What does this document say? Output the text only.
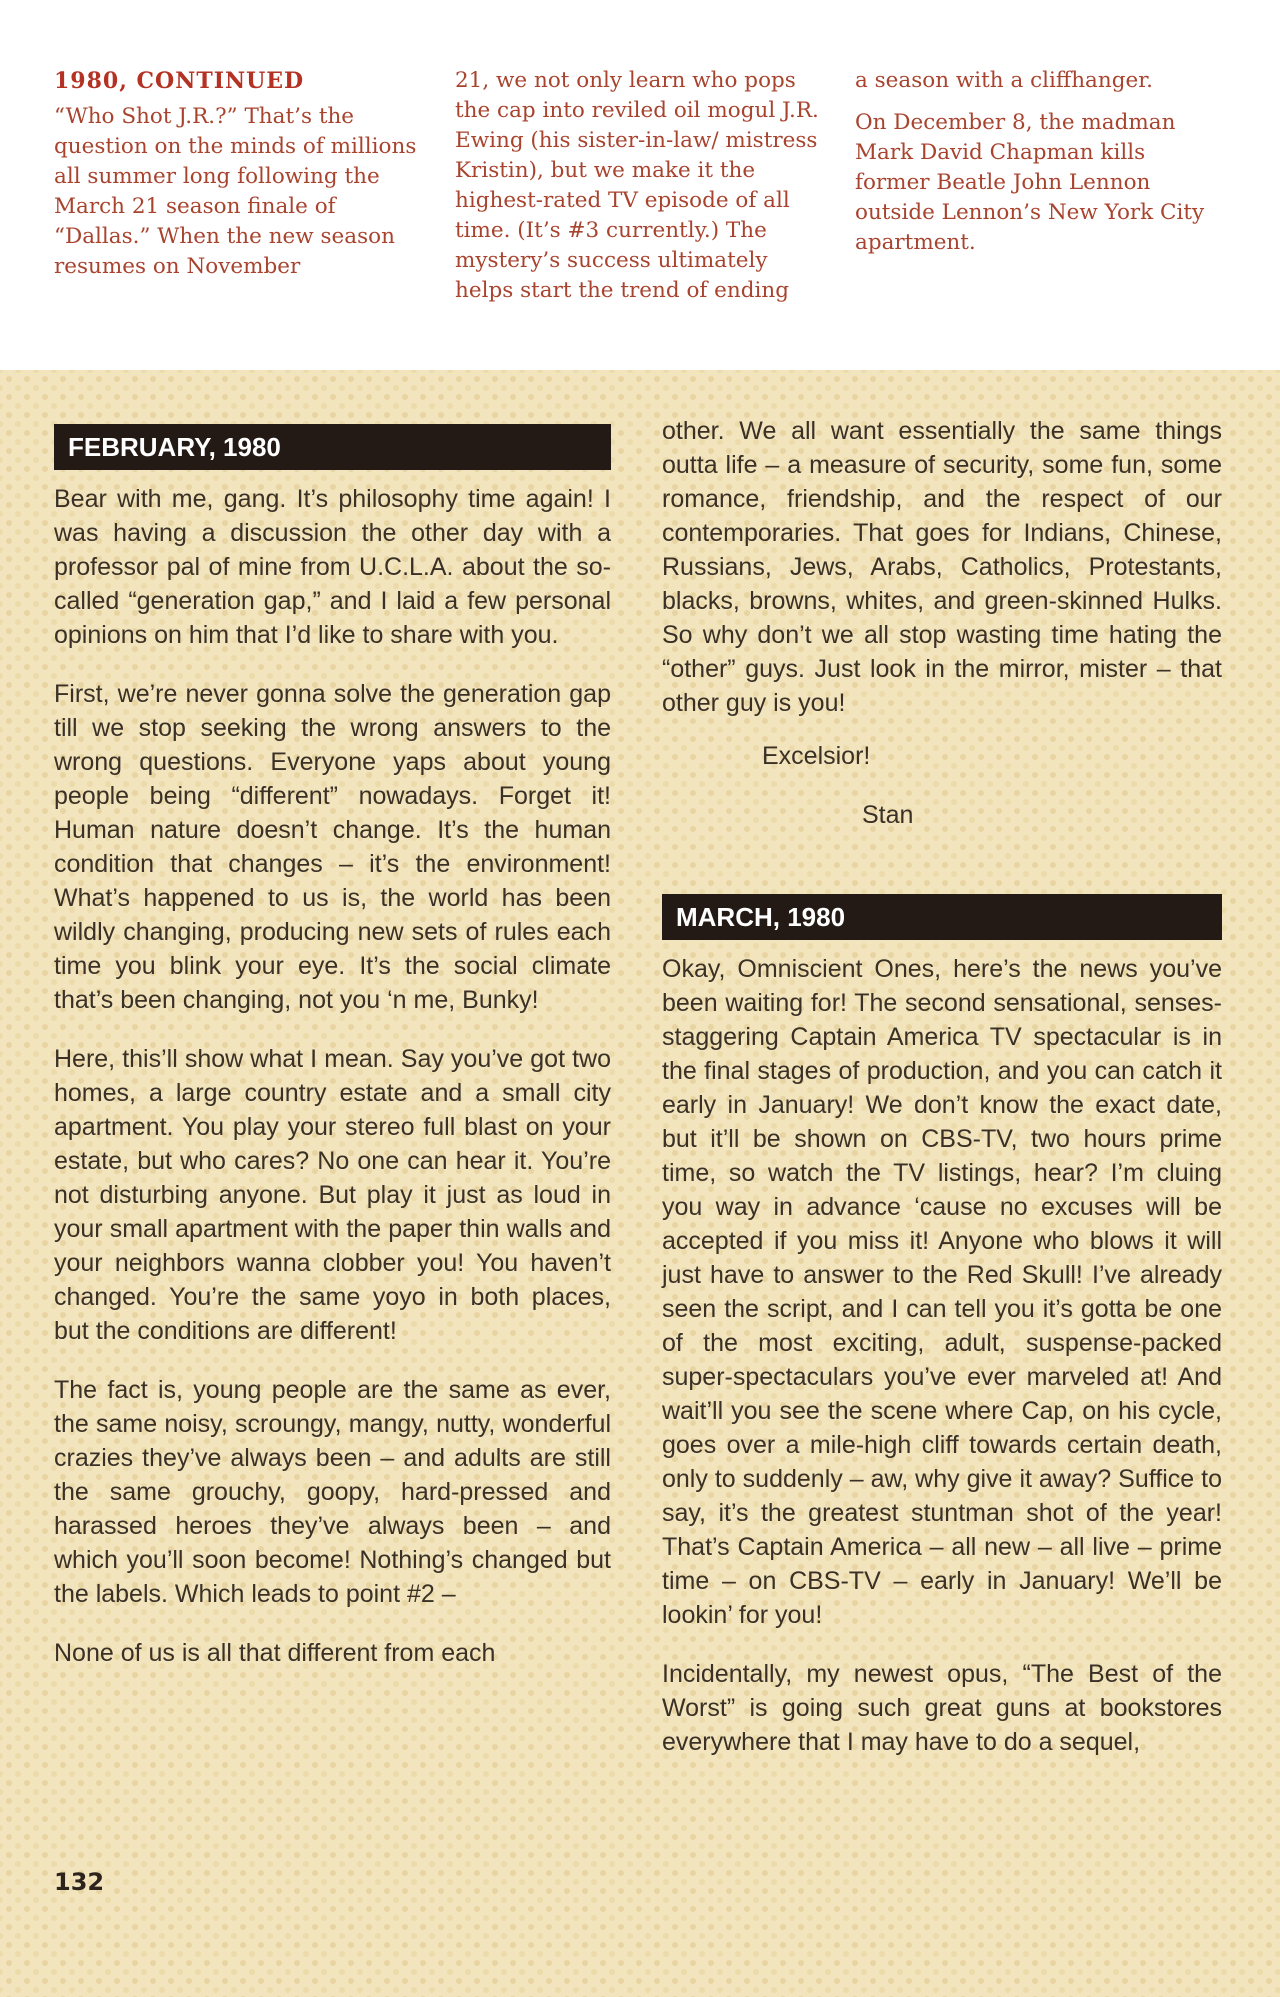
1980, CONTINUED

“Who Shot J.R.?” That’s the question on the minds of millions all summer long following the March 21 season finale of “Dallas.” When the new season resumes on November

21, we not only learn who pops the cap into reviled oil mogul J.R. Ewing (his sister-in-law/ mistress Kristin), but we make it the highest-rated TV episode of all time. (It’s #3 currently.) The mystery’s success ultimately helps start the trend of ending

a season with a cliffhanger.

On December 8, the madman Mark David Chapman kills former Beatle John Lennon outside Lennon’s New York City apartment.

FEBRUARY, 1980

Bear with me, gang. It’s philosophy time again! I was having a discussion the other day with a professor pal of mine from U.C.L.A. about the so-called “generation gap,” and I laid a few personal opinions on him that I’d like to share with you.

First, we’re never gonna solve the generation gap till we stop seeking the wrong answers to the wrong questions. Everyone yaps about young people being “different” nowadays. Forget it! Human nature doesn’t change. It’s the human condition that changes – it’s the environment! What’s happened to us is, the world has been wildly changing, producing new sets of rules each time you blink your eye. It’s the social climate that’s been changing, not you ‘n me, Bunky!

Here, this’ll show what I mean. Say you’ve got two homes, a large country estate and a small city apartment. You play your stereo full blast on your estate, but who cares? No one can hear it. You’re not disturbing anyone. But play it just as loud in your small apartment with the paper thin walls and your neighbors wanna clobber you! You haven’t changed. You’re the same yoyo in both places, but the conditions are different!

The fact is, young people are the same as ever, the same noisy, scroungy, mangy, nutty, wonderful crazies they’ve always been – and adults are still the same grouchy, goopy, hard-pressed and harassed heroes they’ve always been – and which you’ll soon become! Nothing’s changed but the labels. Which leads to point #2 –

None of us is all that different from each

other. We all want essentially the same things outta life – a measure of security, some fun, some romance, friendship, and the respect of our contemporaries. That goes for Indians, Chinese, Russians, Jews, Arabs, Catholics, Protestants, blacks, browns, whites, and green-skinned Hulks. So why don’t we all stop wasting time hating the “other” guys. Just look in the mirror, mister – that other guy is you!

Excelsior!

Stan

MARCH, 1980

Okay, Omniscient Ones, here’s the news you’ve been waiting for! The second sensational, senses-staggering Captain America TV spectacular is in the final stages of production, and you can catch it early in January! We don’t know the exact date, but it’ll be shown on CBS-TV, two hours prime time, so watch the TV listings, hear? I’m cluing you way in advance ‘cause no excuses will be accepted if you miss it! Anyone who blows it will just have to answer to the Red Skull! I’ve already seen the script, and I can tell you it’s gotta be one of the most exciting, adult, suspense-packed super-spectaculars you’ve ever marveled at! And wait’ll you see the scene where Cap, on his cycle, goes over a mile-high cliff towards certain death, only to suddenly – aw, why give it away? Suffice to say, it’s the greatest stuntman shot of the year! That’s Captain America – all new – all live – prime time – on CBS-TV – early in January! We’ll be lookin’ for you!

Incidentally, my newest opus, “The Best of the Worst” is going such great guns at bookstores everywhere that I may have to do a sequel,

132
